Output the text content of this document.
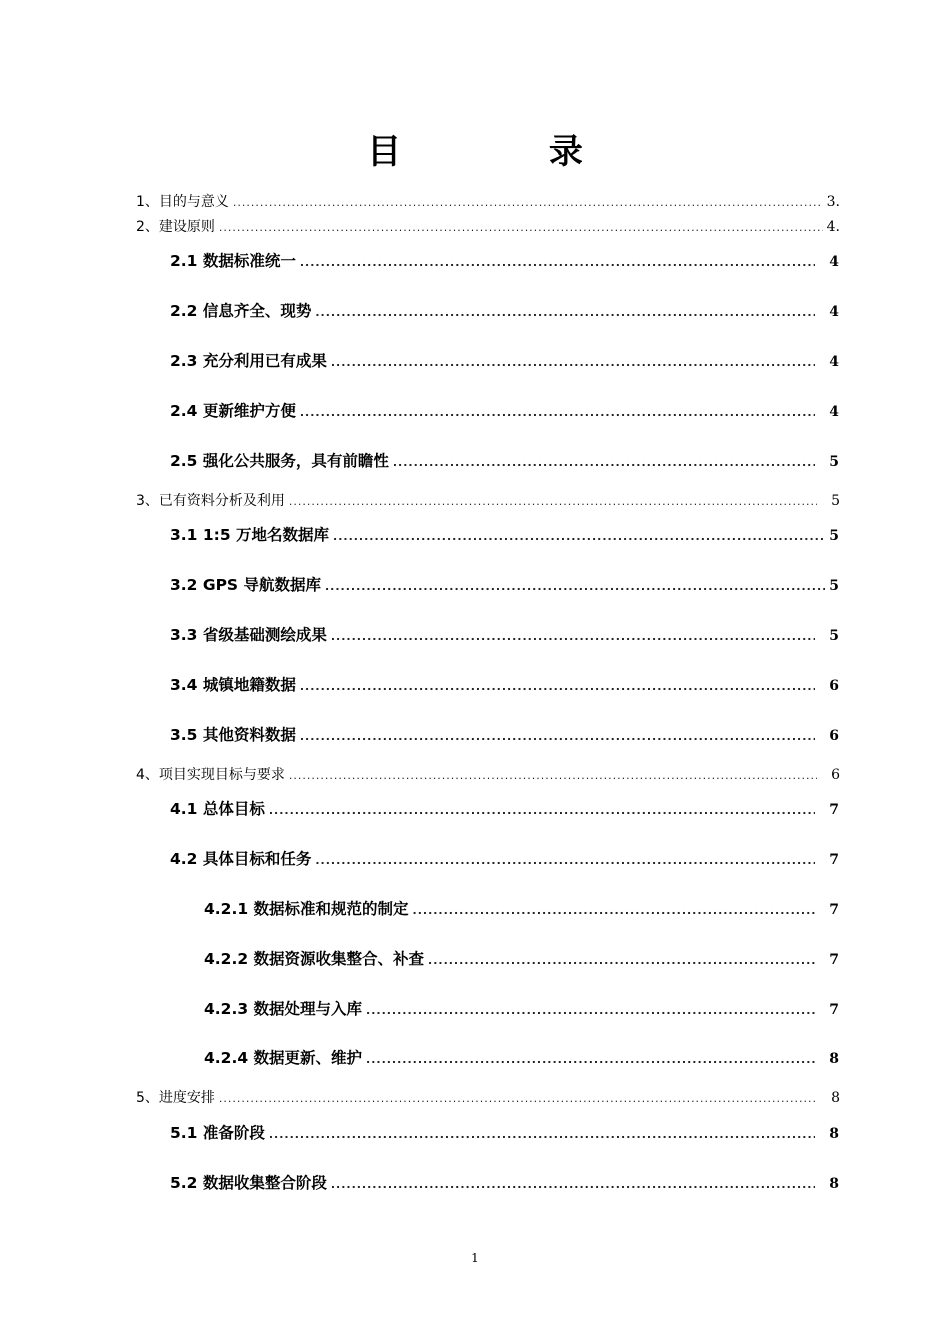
目 录
1、目的与意义 .....	3.
2、建设原则 .....	4.
2.1 数据标准统一 .....	4
2.2 信息齐全、现势 .....	4
2.3 充分利用已有成果 .....	4
2.4 更新维护方便 .....	4
2.5 强化公共服务，具有前瞻性 .....	5
3、已有资料分析及利用 .....	5
3.1 1:5 万地名数据库 .....	5
3.2 GPS 导航数据库 .....	5
3.3 省级基础测绘成果 .....	5
3.4 城镇地籍数据 .....	6
3.5 其他资料数据 .....	6
4、项目实现目标与要求 .....	6
4.1 总体目标 .....	7
4.2 具体目标和任务 .....	7
4.2.1 数据标准和规范的制定 .....	7
4.2.2 数据资源收集整合、补查 .....	7
4.2.3 数据处理与入库 .....	7
4.2.4 数据更新、维护 .....	8
5、进度安排 .....	8
5.1 准备阶段 .....	8
5.2 数据收集整合阶段 .....	8
1
